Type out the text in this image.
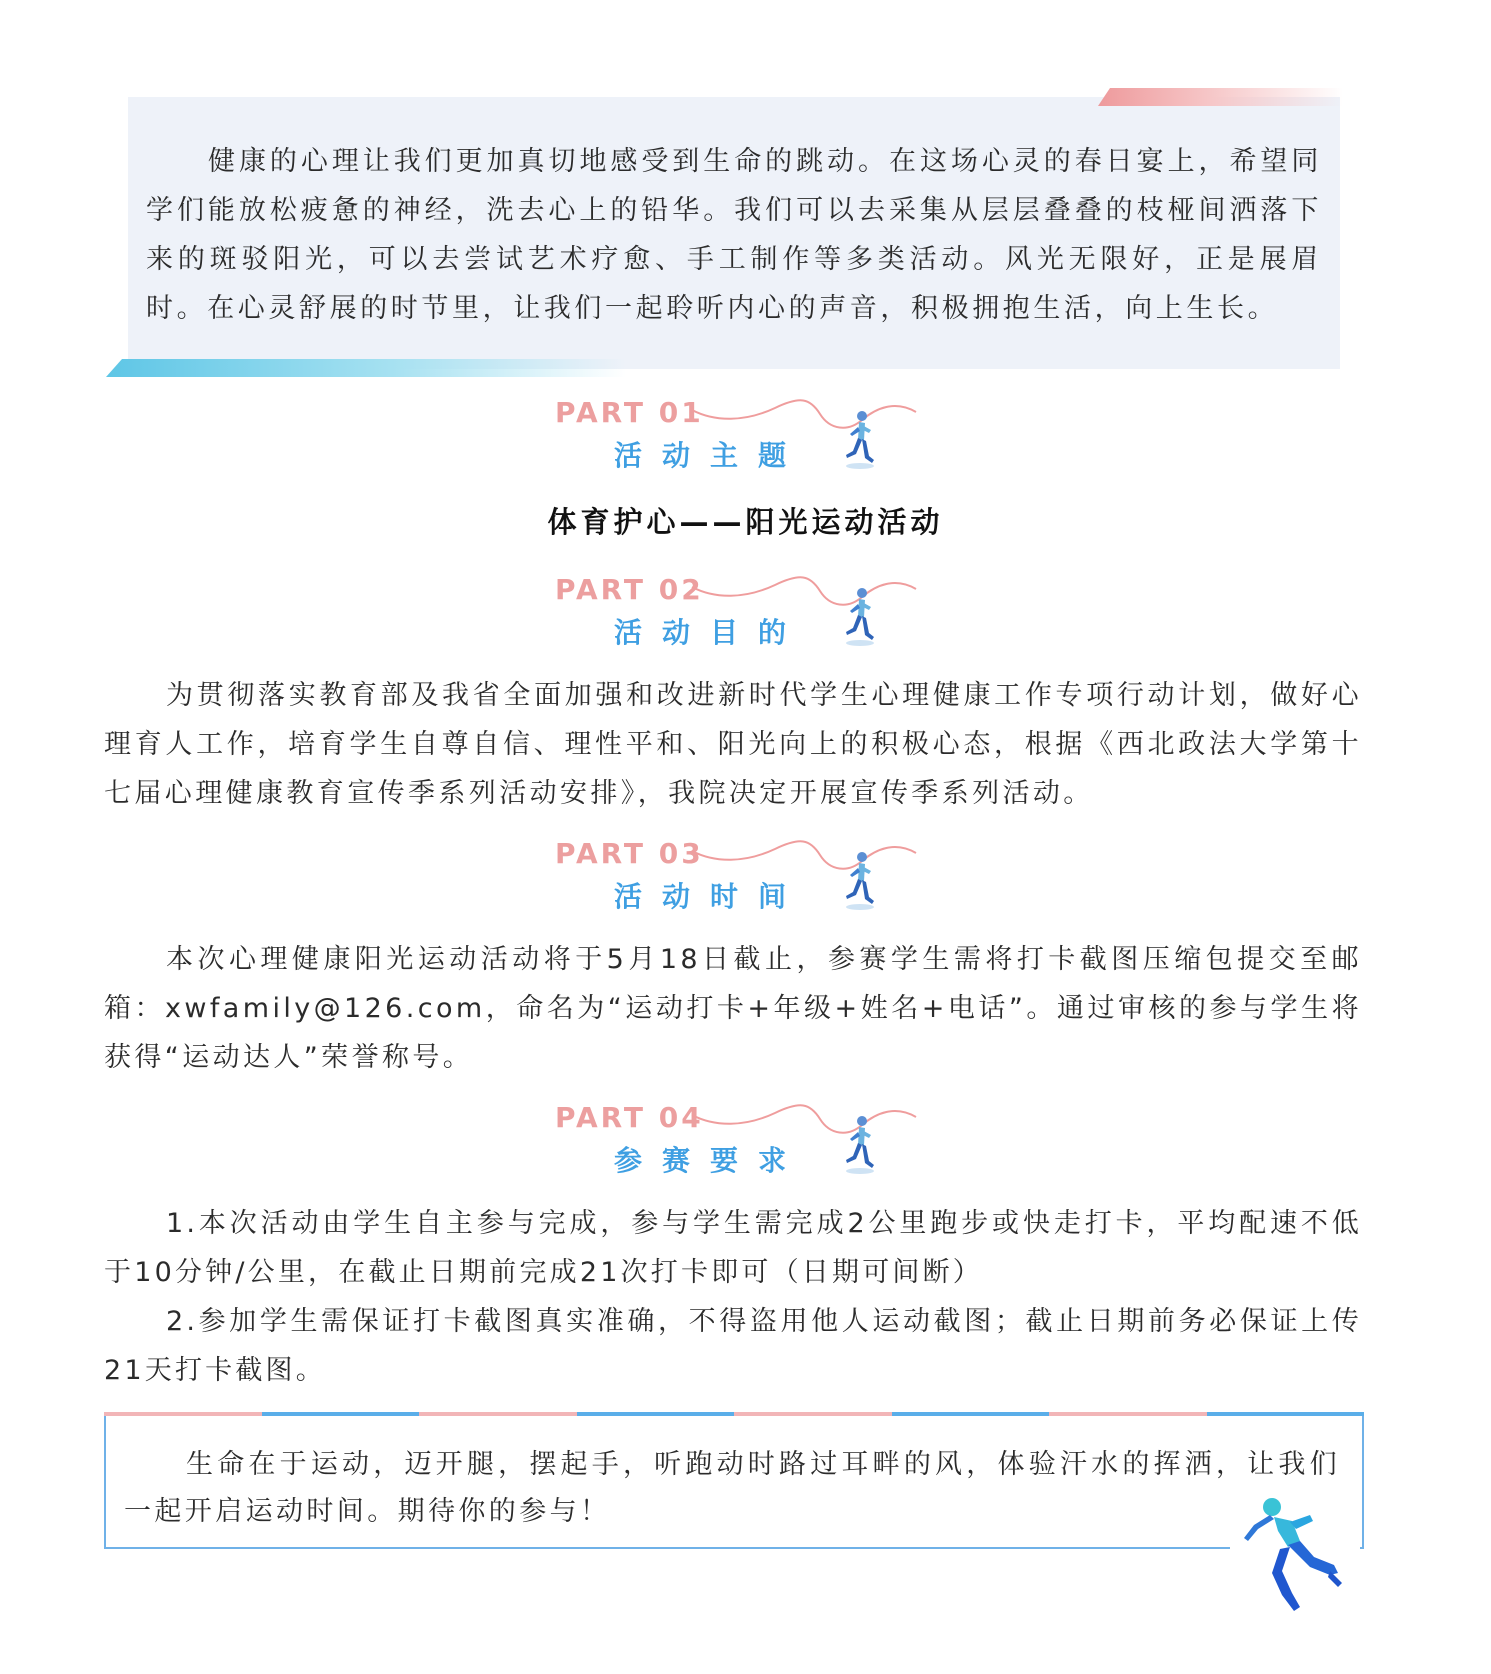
健康的心理让我们更加真切地感受到生命的跳动。在这场心灵的春日宴上，希望同学们能放松疲惫的神经，洗去心上的铅华。我们可以去采集从层层叠叠的枝桠间洒落下来的斑驳阳光，可以去尝试艺术疗愈、手工制作等多类活动。风光无限好，正是展眉时。在心灵舒展的时节里，让我们一起聆听内心的声音，积极拥抱生活，向上生长。

PART 01
活动主题

体育护心——阳光运动活动

PART 02
活动目的

为贯彻落实教育部及我省全面加强和改进新时代学生心理健康工作专项行动计划，做好心理育人工作，培育学生自尊自信、理性平和、阳光向上的积极心态，根据《西北政法大学第十七届心理健康教育宣传季系列活动安排》，我院决定开展宣传季系列活动。

PART 03
活动时间

本次心理健康阳光运动活动将于5月18日截止，参赛学生需将打卡截图压缩包提交至邮箱：xwfamily@126.com，命名为“运动打卡+年级+姓名+电话”。通过审核的参与学生将获得“运动达人”荣誉称号。

PART 04
参赛要求

1.本次活动由学生自主参与完成，参与学生需完成2公里跑步或快走打卡，平均配速不低于10分钟/公里，在截止日期前完成21次打卡即可（日期可间断）

2.参加学生需保证打卡截图真实准确，不得盗用他人运动截图；截止日期前务必保证上传21天打卡截图。

生命在于运动，迈开腿，摆起手，听跑动时路过耳畔的风，体验汗水的挥洒，让我们一起开启运动时间。期待你的参与！
